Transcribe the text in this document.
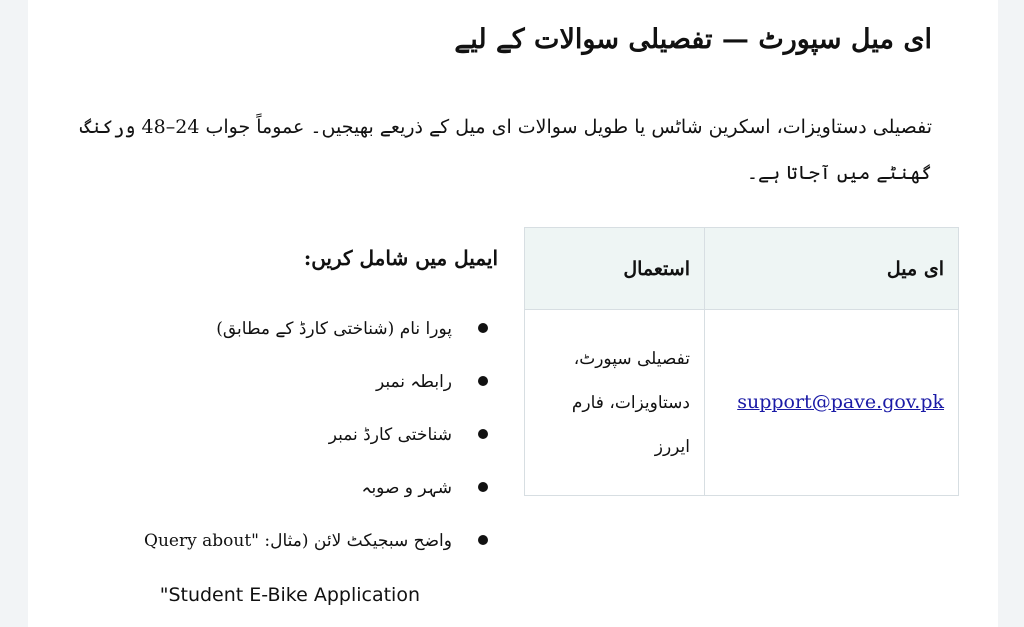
ای میل سپورٹ — تفصیلی سوالات کے لیے

تفصیلی دستاویزات، اسکرین شاٹس یا طویل سوالات ای میل کے ذریعے بھیجیں۔ عموماً جواب 24–48 ورکنگ گھنٹے میں آجاتا ہے۔

ای میل	استعمال
support@pave.gov.pk	تفصیلی سپورٹ، دستاویزات، فارم ایررز
ایمیل میں شامل کریں:
پورا نام (شناختی کارڈ کے مطابق)
رابطہ نمبر
شناختی کارڈ نمبر
شہر و صوبہ
واضح سبجیکٹ لائن (مثال: "Query about

"Student E-Bike Application
